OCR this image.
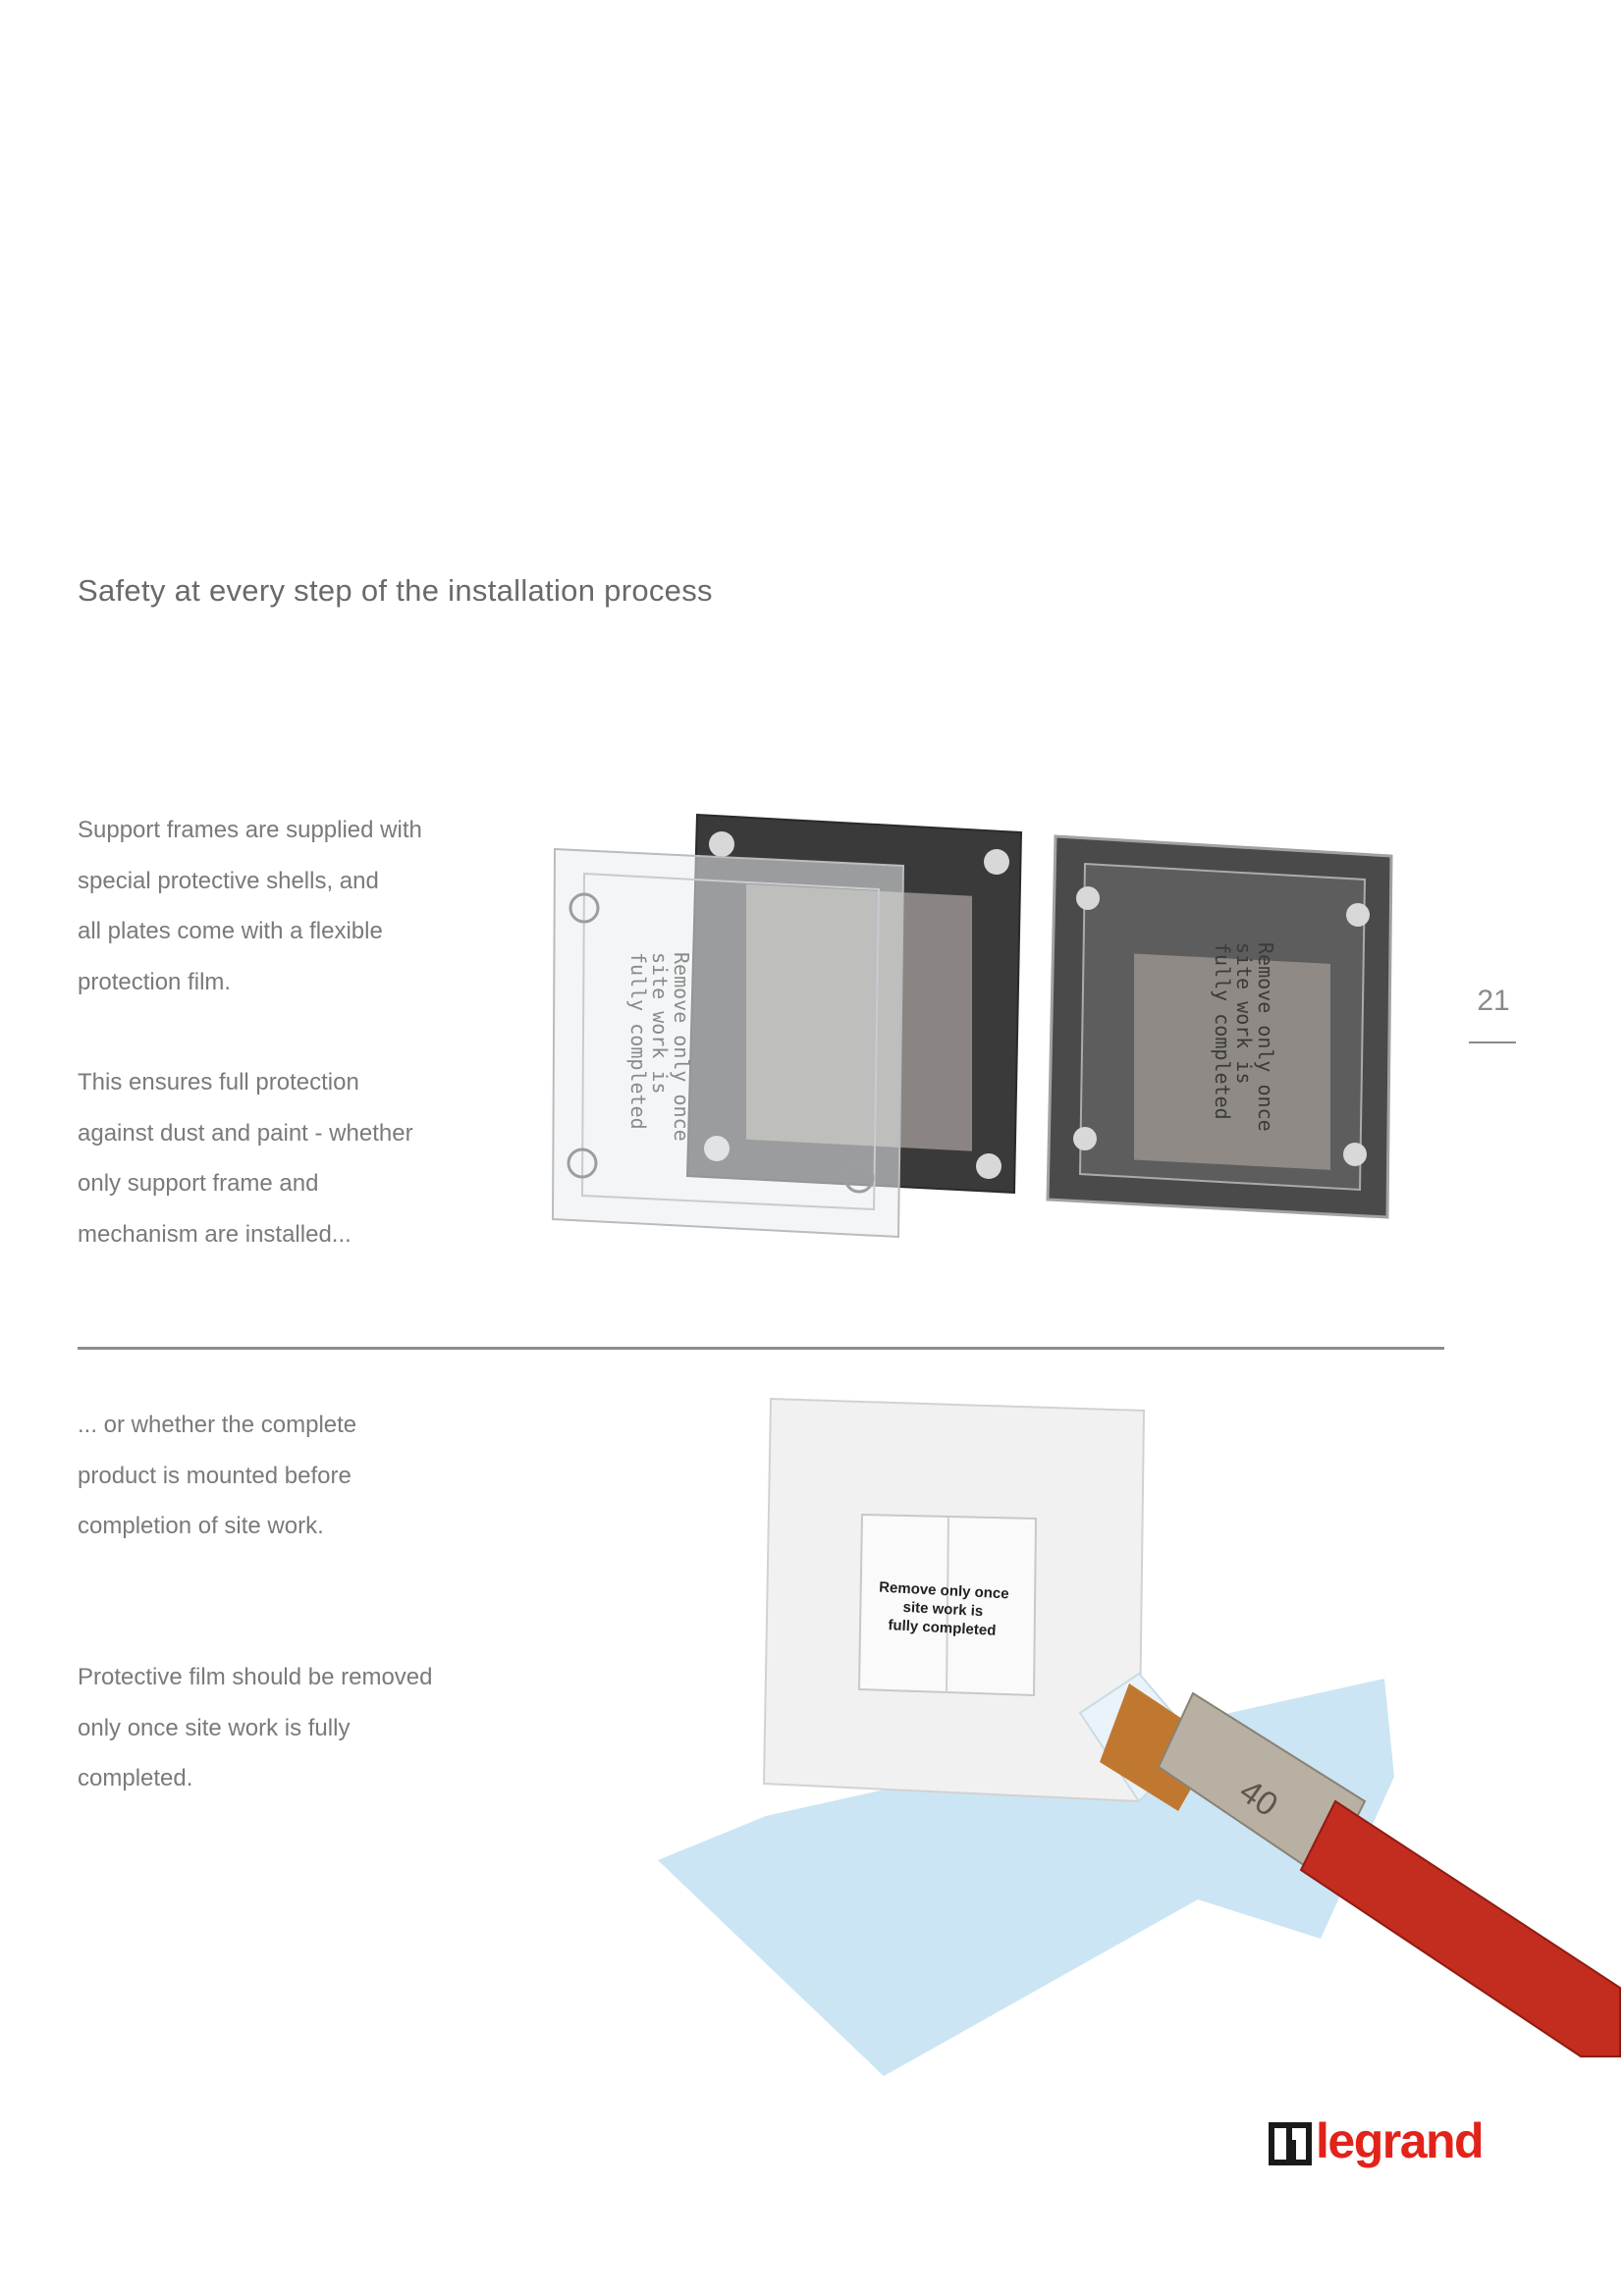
Safety at every step of the installation process
Support frames are supplied with
special protective shells, and
all plates come with a flexible
protection film.
This ensures full protection
against dust and paint - whether
only support frame and
mechanism are installed...
21
Remove only once
site work is
fully completed	Remove only once
site work is
fully completed
... or whether the complete
product is mounted before
completion of site work.
Protective film should be removed
only once site work is fully
completed.
Remove only once
site work is
fully completed
40
legrand
